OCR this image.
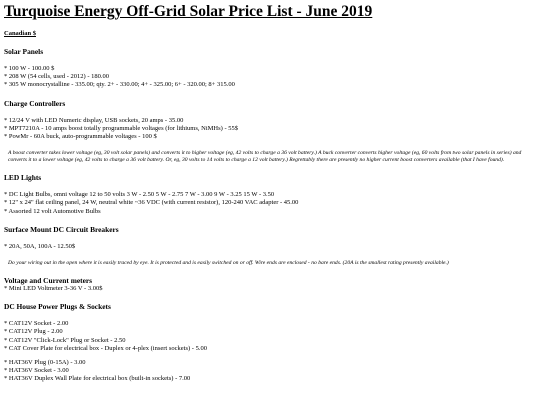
Turquoise Energy Off-Grid Solar Price List - June 2019
Canadian $
Solar Panels
* 100 W - 100.00 $
* 208 W (54 cells, used - 2012) - 180.00
* 305 W monocrystalline - 335.00; qty. 2+ - 330.00; 4+ - 325.00; 6+ - 320.00; 8+ 315.00
Charge Controllers
* 12/24 V with LED Numeric display, USB sockets, 20 amps - 35.00
* MPT7210A - 10 amps boost totally programmable voltages (for lithiums, NiMHs) - 55$
* PowMr - 60A buck, auto-programmable voltages - 100 $
A boost converter takes lower voltage (eg, 30 volt solar panels) and converts it to higher voltage (eg, 42 volts to charge a 36 volt battery.) A buck converter converts higher voltage (eg, 60 volts from two solar panels in series) and converts it to a lower voltage (eg, 42 volts to charge a 36 volt battery. Or, eg, 30 volts to 14 volts to charge a 12 volt battery.) Regrettably there are presently no higher current boost converters available (that I have found).
LED Lights
* DC Light Bulbs, omni voltage 12 to 50 volts 3 W - 2.50 5 W - 2.75 7 W - 3.00 9 W - 3.25 15 W - 3.50
* 12" x 24" flat ceiling panel, 24 W, neutral white ~36 VDC (with current resistor), 120-240 VAC adapter - 45.00
* Assorted 12 volt Automotive Bulbs
Surface Mount DC Circuit Breakers
* 20A, 50A, 100A - 12.50$
Do your wiring out in the open where it is easily traced by eye. It is protected and is easily switched on or off. Wire ends are enclosed - no bare ends. (20A is the smallest rating presently available.)
Voltage and Current meters
* Mini LED Voltmeter 3-36 V - 3.00$
DC House Power Plugs & Sockets
* CAT12V Socket - 2.00
* CAT12V Plug - 2.00
* CAT12V "Click-Lock" Plug or Socket - 2.50
* CAT Cover Plate for electrical box - Duplex or 4-plex (insert sockets) - 5.00
* HAT36V Plug (0-15A) - 3.00
* HAT36V Socket - 3.00
* HAT36V Duplex Wall Plate for electrical box (built-in sockets) - 7.00
